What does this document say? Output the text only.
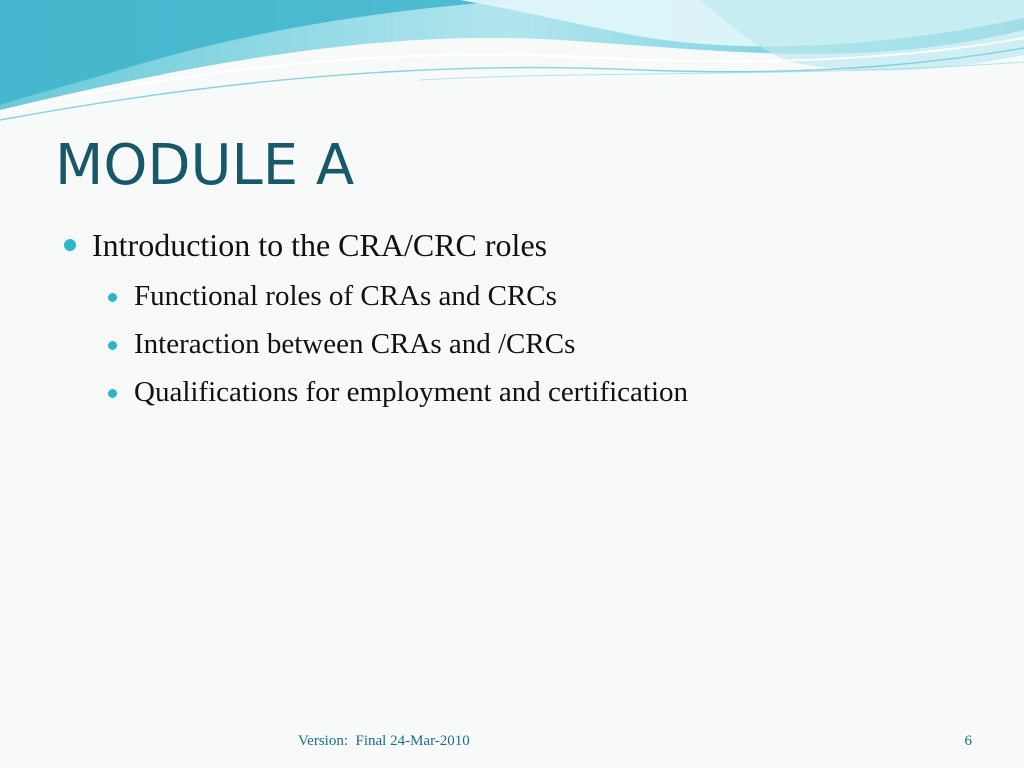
MODULE A
Introduction to the CRA/CRC roles
Functional roles of CRAs and CRCs
Interaction between CRAs and /CRCs
Qualifications for employment and certification
Version:  Final 24-Mar-2010	6
